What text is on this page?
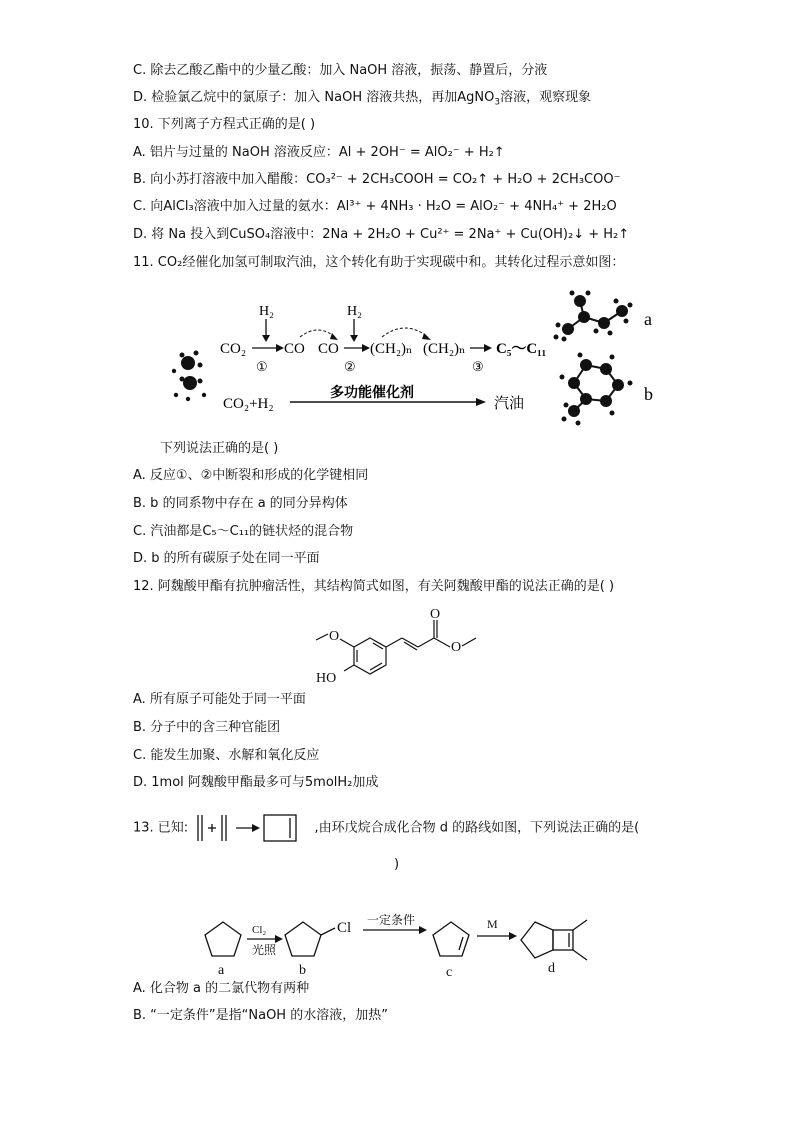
C. 除去乙酸乙酯中的少量乙酸：加入 NaOH 溶液，振荡、静置后，分液
D. 检验氯乙烷中的氯原子：加入 NaOH 溶液共热，再加AgNO$_3$溶液，观察现象
10. 下列离子方程式正确的是( )
A. 铝片与过量的 NaOH 溶液反应：Al + 2OH⁻ = AlO₂⁻ + H₂↑
B. 向小苏打溶液中加入醋酸：CO₃²⁻ + 2CH₃COOH = CO₂↑ + H₂O + 2CH₃COO⁻
C. 向AlCl₃溶液中加入过量的氨水：Al³⁺ + 4NH₃ · H₂O = AlO₂⁻ + 4NH₄⁺ + 2H₂O
D. 将 Na 投入到CuSO₄溶液中：2Na + 2H₂O + Cu²⁺ = 2Na⁺ + Cu(OH)₂↓ + H₂↑
11. CO₂经催化加氢可制取汽油，这个转化有助于实现碳中和。其转化过程示意如图：
H₂
CO₂	CO
①
H₂
CO
②
(CH₂)ₙ (CH₂)ₙ C₅～C₁₁
③
CO₂+H₂
多功能催化剂
汽油
a
b
下列说法正确的是( )
A. 反应①、②中断裂和形成的化学键相同
B. b 的同系物中存在 a 的同分异构体
C. 汽油都是C₅～C₁₁的链状烃的混合物
D. b 的所有碳原子处在同一平面
12. 阿魏酸甲酯有抗肿瘤活性，其结构简式如图，有关阿魏酸甲酯的说法正确的是( )
O
O
O
HO
A. 所有原子可能处于同一平面
B. 分子中的含三种官能团
C. 能发生加聚、水解和氧化反应
D. 1mol 阿魏酸甲酯最多可与5molH₂加成
13. 已知:	,由环戊烷合成化合物 d 的路线如图，下列说法正确的是(
)
Cl₂
光照
Cl 一定条件	M
a	b	c	d
A. 化合物 a 的二氯代物有两种
B. “一定条件”是指“NaOH 的水溶液，加热”
